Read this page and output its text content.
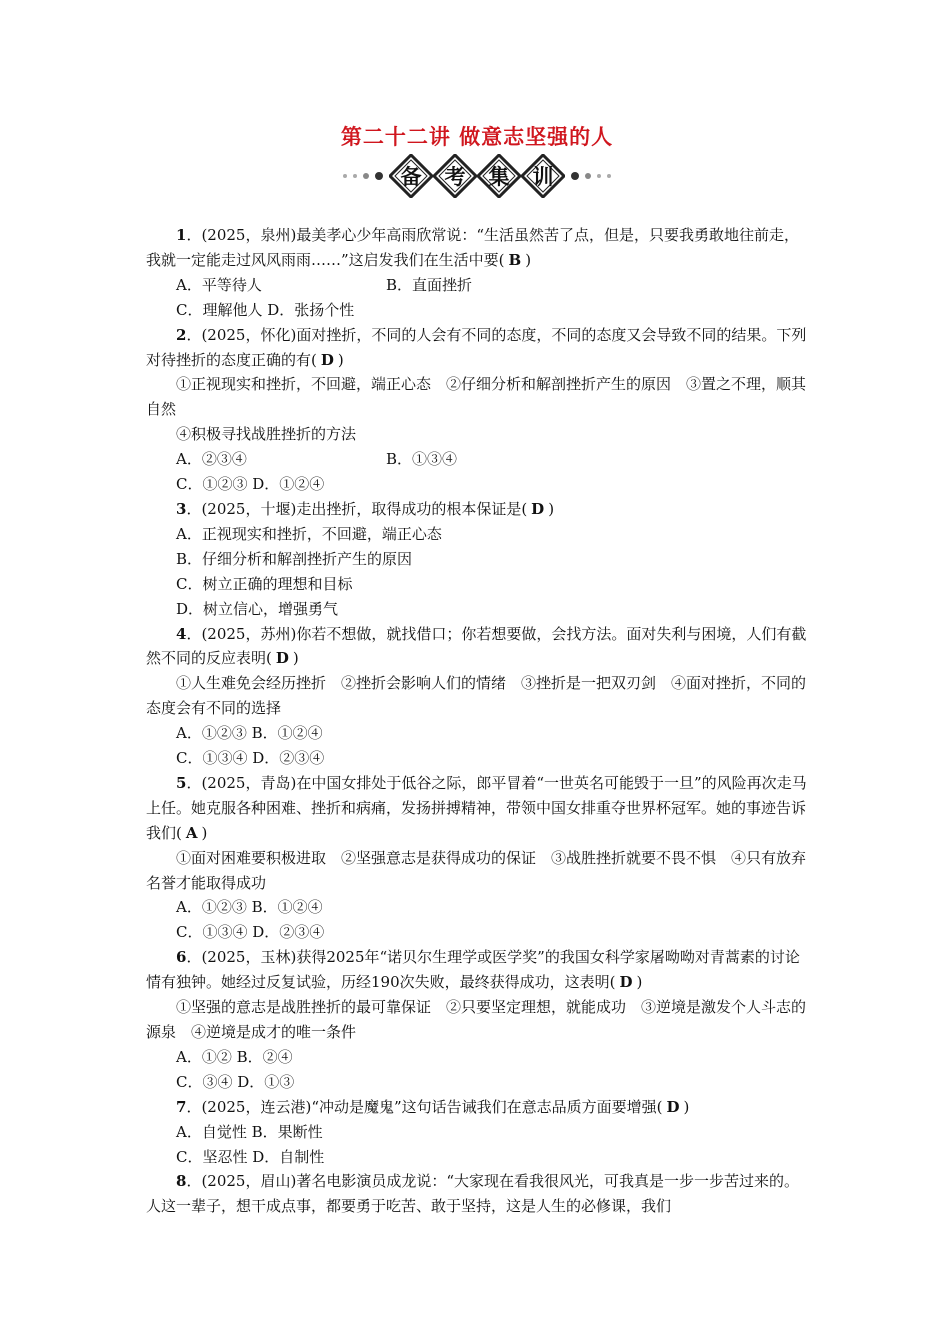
第二十二讲 做意志坚强的人
备 考 集 训

1．(2025，泉州)最美孝心少年高雨欣常说：“生活虽然苦了点，但是，只要我勇敢地往前走，我就一定能走过风风雨雨……”这启发我们在生活中要( B )

A．平等待人	B．直面挫折

C．理解他人 D．张扬个性

2．(2025，怀化)面对挫折，不同的人会有不同的态度，不同的态度又会导致不同的结果。下列对待挫折的态度正确的有( D )

①正视现实和挫折，不回避，端正心态　②仔细分析和解剖挫折产生的原因　③置之不理，顺其自然

④积极寻找战胜挫折的方法

A．②③④	B．①③④

C．①②③ D．①②④

3．(2025，十堰)走出挫折，取得成功的根本保证是( D )

A．正视现实和挫折，不回避，端正心态

B．仔细分析和解剖挫折产生的原因

C．树立正确的理想和目标

D．树立信心，增强勇气

4．(2025，苏州)你若不想做，就找借口；你若想要做，会找方法。面对失利与困境，人们有截然不同的反应表明( D )

①人生难免会经历挫折　②挫折会影响人们的情绪　③挫折是一把双刃剑　④面对挫折，不同的态度会有不同的选择

A．①②③ B．①②④

C．①③④ D．②③④

5．(2025，青岛)在中国女排处于低谷之际，郎平冒着“一世英名可能毁于一旦”的风险再次走马上任。她克服各种困难、挫折和病痛，发扬拼搏精神，带领中国女排重夺世界杯冠军。她的事迹告诉我们( A )

①面对困难要积极进取　②坚强意志是获得成功的保证　③战胜挫折就要不畏不惧　④只有放弃名誉才能取得成功

A．①②③ B．①②④

C．①③④ D．②③④

6．(2025，玉林)获得2025年“诺贝尔生理学或医学奖”的我国女科学家屠呦呦对青蒿素的讨论情有独钟。她经过反复试验，历经190次失败，最终获得成功，这表明( D )

①坚强的意志是战胜挫折的最可靠保证　②只要坚定理想，就能成功　③逆境是激发个人斗志的源泉　④逆境是成才的唯一条件

A．①② B．②④

C．③④ D．①③

7．(2025，连云港)“冲动是魔鬼”这句话告诫我们在意志品质方面要增强( D )

A．自觉性 B．果断性

C．坚忍性 D．自制性

8．(2025，眉山)著名电影演员成龙说：“大家现在看我很风光，可我真是一步一步苦过来的。人这一辈子，想干成点事，都要勇于吃苦、敢于坚持，这是人生的必修课，我们
